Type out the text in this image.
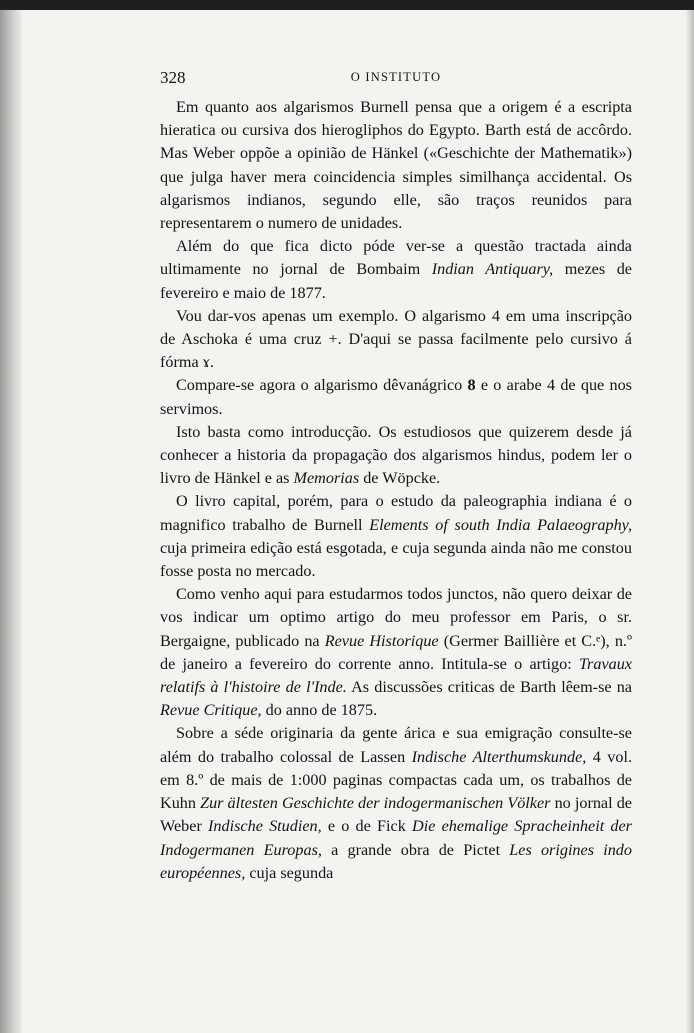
328	O INSTITUTO

Em quanto aos algarismos Burnell pensa que a origem é a escripta hieratica ou cursiva dos hierogliphos do Egypto. Barth está de accôrdo. Mas Weber oppõe a opinião de Hänkel («Geschichte der Mathematik») que julga haver mera coincidencia simples similhança accidental. Os algarismos indianos, segundo elle, são traços reunidos para representarem o numero de unidades.

Além do que fica dicto póde ver-se a questão tractada ainda ultimamente no jornal de Bombaim Indian Antiquary, mezes de fevereiro e maio de 1877.

Vou dar-vos apenas um exemplo. O algarismo 4 em uma inscripção de Aschoka é uma cruz +. D'aqui se passa facilmente pelo cursivo á fórma ɤ.

Compare-se agora o algarismo dêvanágrico 8 e o arabe 4 de que nos servimos.

Isto basta como introducção. Os estudiosos que quizerem desde já conhecer a historia da propagação dos algarismos hindus, podem ler o livro de Hänkel e as Memorias de Wöpcke.

O livro capital, porém, para o estudo da paleographia indiana é o magnifico trabalho de Burnell Elements of south India Palaeography, cuja primeira edição está esgotada, e cuja segunda ainda não me constou fosse posta no mercado.

Como venho aqui para estudarmos todos junctos, não quero deixar de vos indicar um optimo artigo do meu professor em Paris, o sr. Bergaigne, publicado na Revue Historique (Germer Baillière et C.ᵉ), n.º de janeiro a fevereiro do corrente anno. Intitula-se o artigo: Travaux relatifs à l'histoire de l'Inde. As discussões criticas de Barth lêem-se na Revue Critique, do anno de 1875.

Sobre a séde originaria da gente árica e sua emigração consulte-se além do trabalho colossal de Lassen Indische Alterthumskunde, 4 vol. em 8.º de mais de 1:000 paginas compactas cada um, os trabalhos de Kuhn Zur ältesten Geschichte der indogermanischen Völker no jornal de Weber Indische Studien, e o de Fick Die ehemalige Spracheinheit der Indogermanen Europas, a grande obra de Pictet Les origines indo européennes, cuja segunda
